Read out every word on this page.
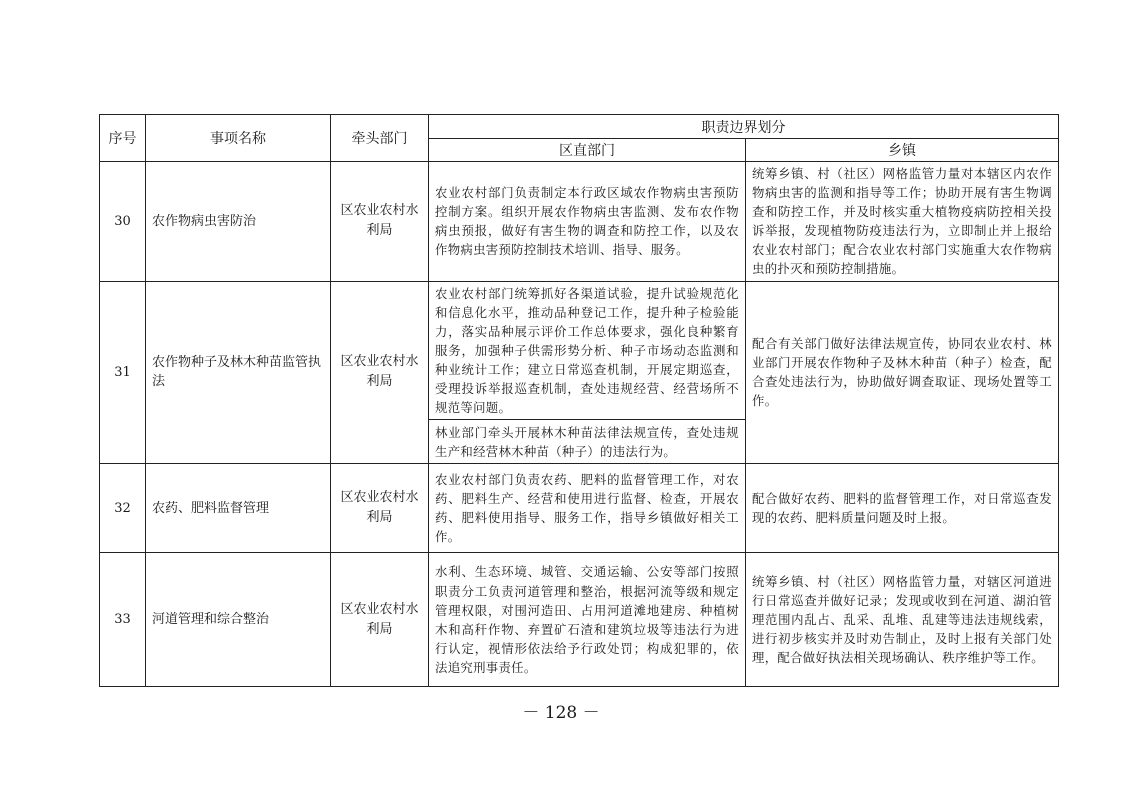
序号	事项名称	牵头部门	职责边界划分	
			区直部门	乡镇
30	农作物病虫害防治	区农业农村水利局	农业农村部门负责制定本行政区域农作物病虫害预防控制方案。组织开展农作物病虫害监测、发布农作物病虫预报，做好有害生物的调查和防控工作，以及农作物病虫害预防控制技术培训、指导、服务。	统筹乡镇、村（社区）网格监管力量对本辖区内农作物病虫害的监测和指导等工作；协助开展有害生物调查和防控工作，并及时核实重大植物疫病防控相关投诉举报，发现植物防疫违法行为，立即制止并上报给农业农村部门；配合农业农村部门实施重大农作物病虫的扑灭和预防控制措施。
31	农作物种子及林木种苗监管执法	区农业农村水利局	农业农村部门统筹抓好各渠道试验，提升试验规范化和信息化水平，推动品种登记工作，提升种子检验能力，落实品种展示评价工作总体要求，强化良种繁育服务，加强种子供需形势分析、种子市场动态监测和种业统计工作；建立日常巡查机制，开展定期巡查，受理投诉举报巡查机制，查处违规经营、经营场所不规范等问题。	配合有关部门做好法律法规宣传，协同农业农村、林业部门开展农作物种子及林木种苗（种子）检查，配合查处违法行为，协助做好调查取证、现场处置等工作。
			林业部门牵头开展林木种苗法律法规宣传，查处违规生产和经营林木种苗（种子）的违法行为。	
32	农药、肥料监督管理	区农业农村水利局	农业农村部门负责农药、肥料的监督管理工作，对农药、肥料生产、经营和使用进行监督、检查，开展农药、肥料使用指导、服务工作，指导乡镇做好相关工作。	配合做好农药、肥料的监督管理工作，对日常巡查发现的农药、肥料质量问题及时上报。
33	河道管理和综合整治	区农业农村水利局	水利、生态环境、城管、交通运输、公安等部门按照职责分工负责河道管理和整治，根据河流等级和规定管理权限，对围河造田、占用河道滩地建房、种植树木和高秆作物、弃置矿石渣和建筑垃圾等违法行为进行认定，视情形依法给予行政处罚；构成犯罪的，依法追究刑事责任。	统筹乡镇、村（社区）网格监管力量，对辖区河道进行日常巡查并做好记录；发现或收到在河道、湖泊管理范围内乱占、乱采、乱堆、乱建等违法违规线索，进行初步核实并及时劝告制止，及时上报有关部门处理，配合做好执法相关现场确认、秩序维护等工作。
－ 128 －
